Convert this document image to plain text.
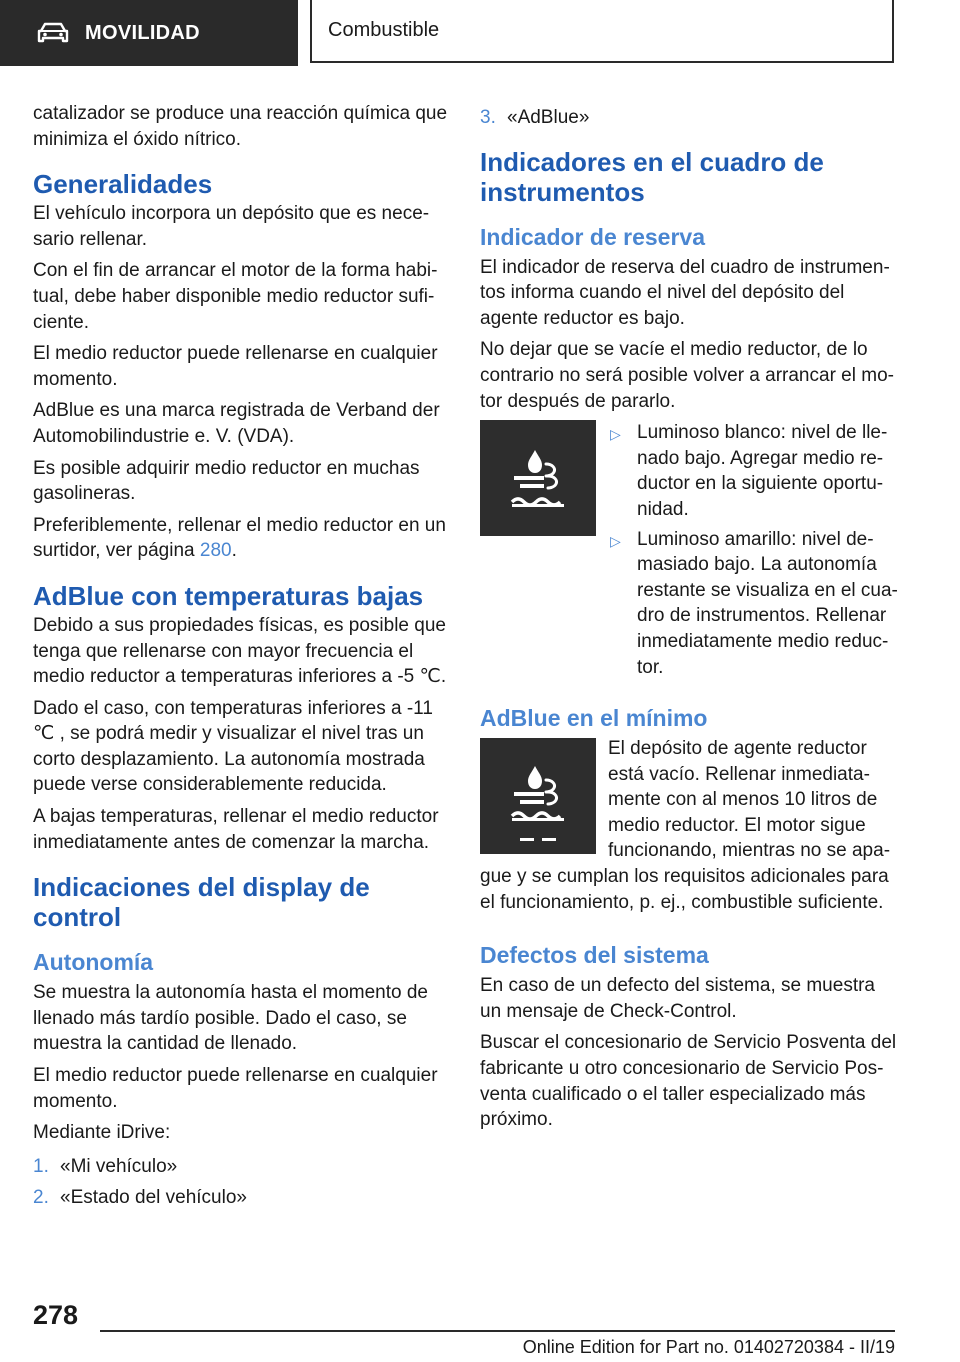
MOVILIDAD	Combustible

catalizador se produce una reacción química que minimiza el óxido nítrico.

Generalidades

El vehículo incorpora un depósito que es necesario rellenar.

Con el fin de arrancar el motor de la forma habitual, debe haber disponible medio reductor suficiente.

El medio reductor puede rellenarse en cualquier momento.

AdBlue es una marca registrada de Verband der Automobilindustrie e. V. (VDA).

Es posible adquirir medio reductor en muchas gasolineras.

Preferiblemente, rellenar el medio reductor en un surtidor, ver página 280.

AdBlue con temperaturas bajas

Debido a sus propiedades físicas, es posible que tenga que rellenarse con mayor frecuencia el medio reductor a temperaturas inferiores a -5 ℃.

Dado el caso, con temperaturas inferiores a -11 ℃ , se podrá medir y visualizar el nivel tras un corto desplazamiento. La autonomía mostrada puede verse considerablemente reducida.

A bajas temperaturas, rellenar el medio reductor inmediatamente antes de comenzar la marcha.

Indicaciones del display de control
Autonomía

Se muestra la autonomía hasta el momento de llenado más tardío posible. Dado el caso, se muestra la cantidad de llenado.

El medio reductor puede rellenarse en cualquier momento.

Mediante iDrive:

1. «Mi vehículo»
2. «Estado del vehículo»
3. «AdBlue»
Indicadores en el cuadro de instrumentos
Indicador de reserva

El indicador de reserva del cuadro de instrumentos informa cuando el nivel del depósito del agente reductor es bajo.

No dejar que se vacíe el medio reductor, de lo contrario no será posible volver a arrancar el motor después de pararlo.

▷ Luminoso blanco: nivel de llenado bajo. Agregar medio reductor en la siguiente oportunidad.
▷ Luminoso amarillo: nivel demasiado bajo. La autonomía restante se visualiza en el cuadro de instrumentos. Rellenar inmediatamente medio reductor.
AdBlue en el mínimo

El depósito de agente reductor está vacío. Rellenar inmediatamente con al menos 10 litros de medio reductor. El motor sigue funcionando, mientras no se apague y se cumplan los requisitos adicionales para el funcionamiento, p. ej., combustible suficiente.

Defectos del sistema

En caso de un defecto del sistema, se muestra un mensaje de Check-Control.

Buscar el concesionario de Servicio Posventa del fabricante u otro concesionario de Servicio Posventa cualificado o el taller especializado más próximo.

278
Online Edition for Part no. 01402720384 - II/19
